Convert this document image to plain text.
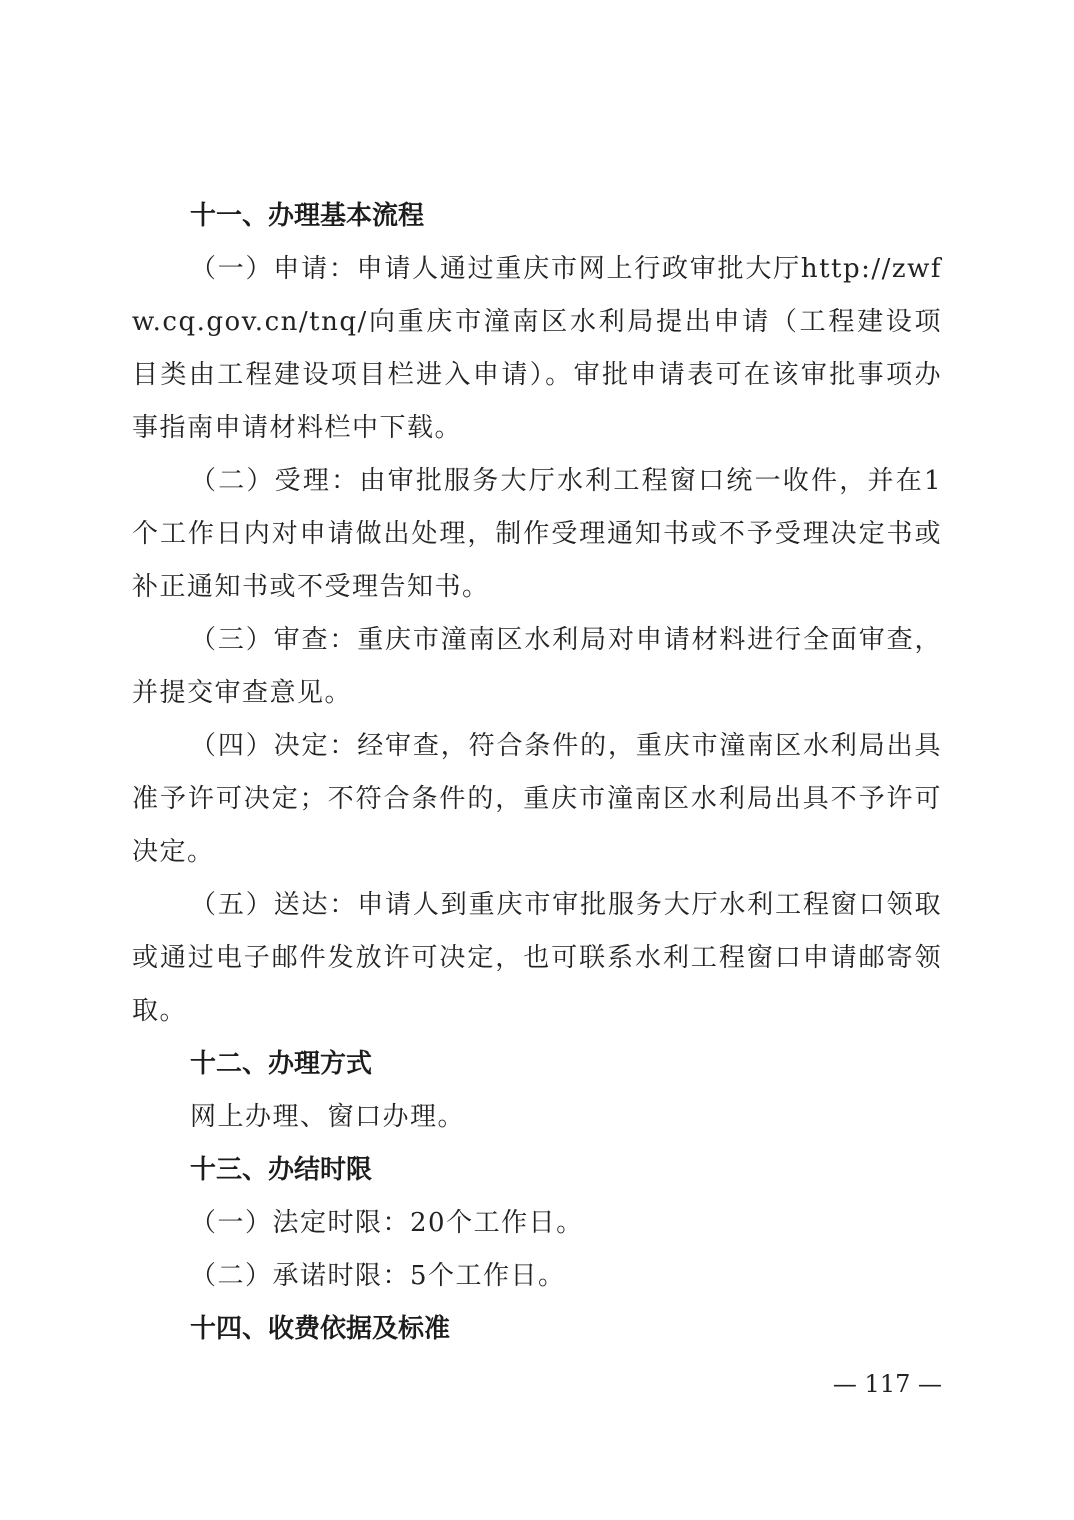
十一、办理基本流程
（一）申请：申请人通过重庆市网上行政审批大厅http://zwfw.cq.gov.cn/tnq/向重庆市潼南区水利局提出申请（工程建设项目类由工程建设项目栏进入申请）。审批申请表可在该审批事项办事指南申请材料栏中下载。
（二）受理：由审批服务大厅水利工程窗口统一收件，并在1个工作日内对申请做出处理，制作受理通知书或不予受理决定书或补正通知书或不受理告知书。
（三）审查：重庆市潼南区水利局对申请材料进行全面审查，并提交审查意见。
（四）决定：经审查，符合条件的，重庆市潼南区水利局出具准予许可决定；不符合条件的，重庆市潼南区水利局出具不予许可决定。
（五）送达：申请人到重庆市审批服务大厅水利工程窗口领取或通过电子邮件发放许可决定，也可联系水利工程窗口申请邮寄领取。
十二、办理方式
网上办理、窗口办理。
十三、办结时限
（一）法定时限：20个工作日。
（二）承诺时限：5个工作日。
十四、收费依据及标准
— 117 —
